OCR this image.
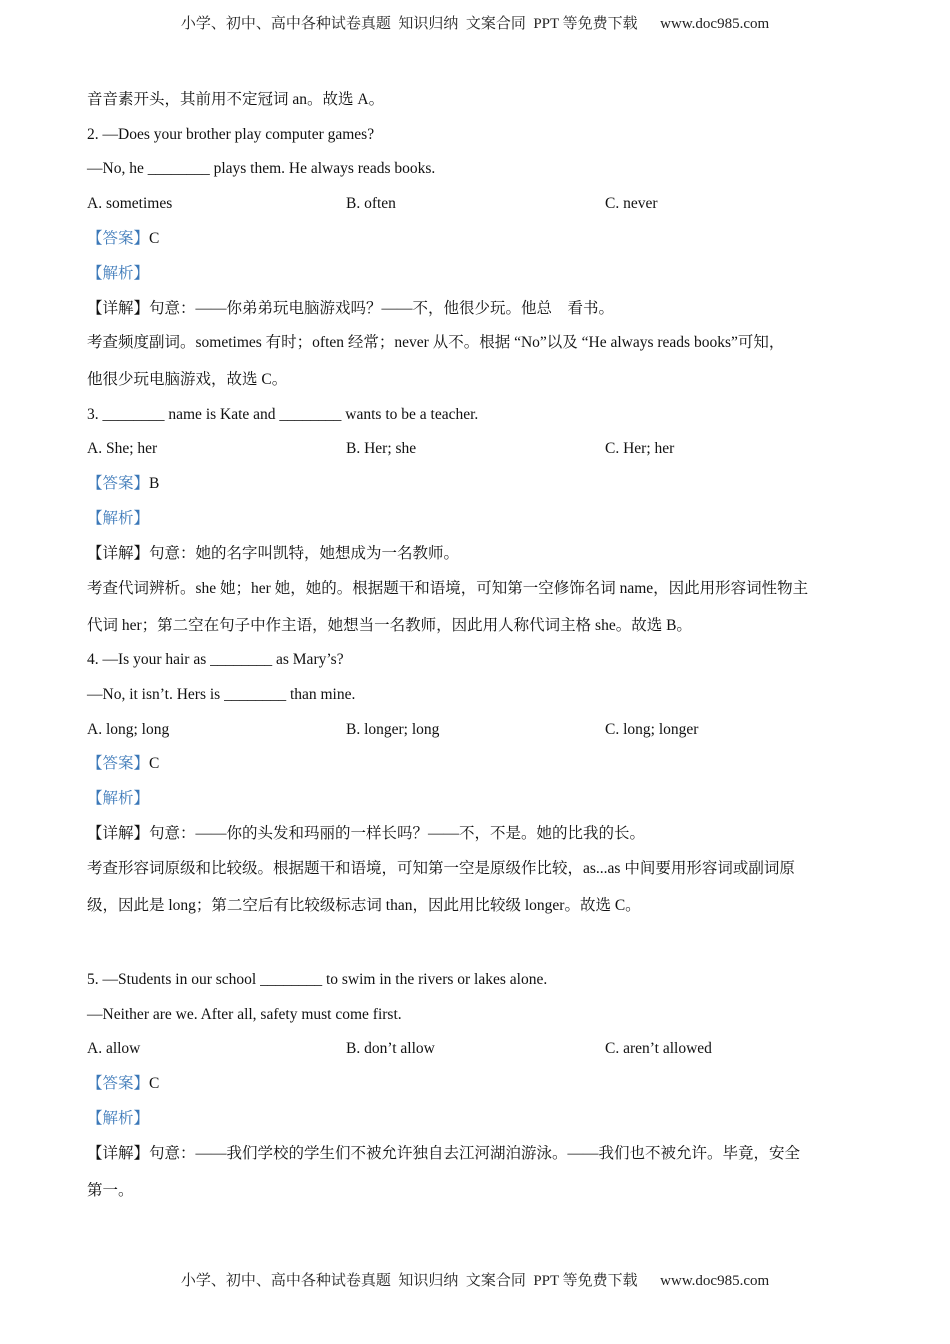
小学、初中、高中各种试卷真题  知识归纳  文案合同  PPT 等免费下载      www.doc985.com
音音素开头，其前用不定冠词 an。故选 A。
2. —Does your brother play computer games?
—No, he ________ plays them. He always reads books.
A. sometimes	B. often	C. never
【答案】C
【解析】
【详解】句意：——你弟弟玩电脑游戏吗？——不，他很少玩。他总    看书。
考查频度副词。sometimes 有时；often 经常；never 从不。根据 “No”以及 “He always reads books”可知，
他很少玩电脑游戏，故选 C。
3. ________ name is Kate and ________ wants to be a teacher.
A. She; her	B. Her; she	C. Her; her
【答案】B
【解析】
【详解】句意：她的名字叫凯特，她想成为一名教师。
考查代词辨析。she 她；her 她，她的。根据题干和语境，可知第一空修饰名词 name，因此用形容词性物主
代词 her；第二空在句子中作主语，她想当一名教师，因此用人称代词主格 she。故选 B。
4. —Is your hair as ________ as Mary’s?
—No, it isn’t. Hers is ________ than mine.
A. long; long	B. longer; long	C. long; longer
【答案】C
【解析】
【详解】句意：——你的头发和玛丽的一样长吗？——不，不是。她的比我的长。
考查形容词原级和比较级。根据题干和语境，可知第一空是原级作比较，as...as 中间要用形容词或副词原
级，因此是 long；第二空后有比较级标志词 than，因此用比较级 longer。故选 C。
5. —Students in our school ________ to swim in the rivers or lakes alone.
—Neither are we. After all, safety must come first.
A. allow	B. don’t allow	C. aren’t allowed
【答案】C
【解析】
【详解】句意：——我们学校的学生们不被允许独自去江河湖泊游泳。——我们也不被允许。毕竟，安全
第一。
小学、初中、高中各种试卷真题  知识归纳  文案合同  PPT 等免费下载      www.doc985.com
